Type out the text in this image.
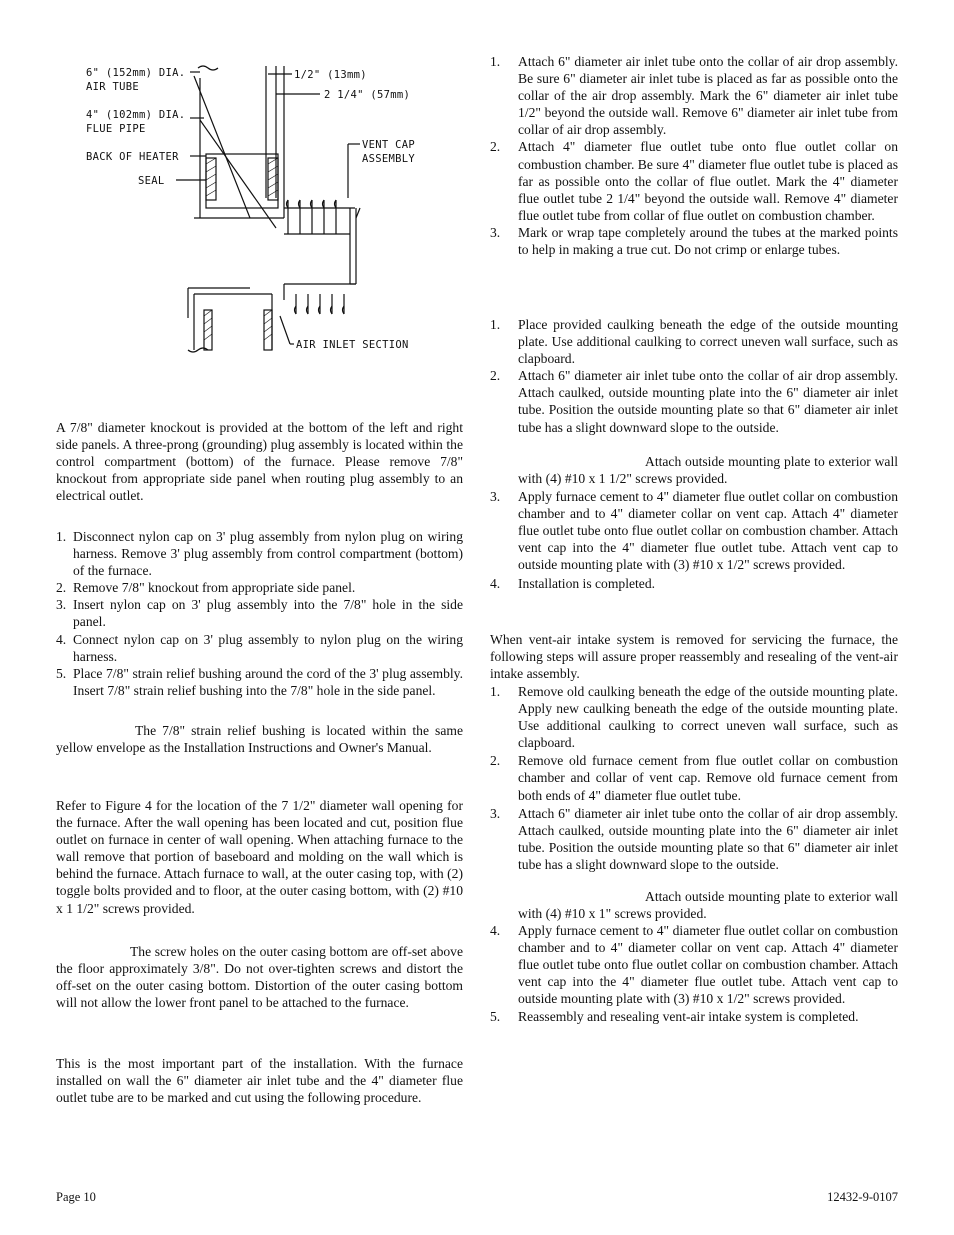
6" (152mm) DIA.
AIR TUBE
4" (102mm) DIA.
FLUE PIPE
BACK OF HEATER
SEAL
1/2" (13mm)
2 1/4" (57mm)
VENT CAP
ASSEMBLY
AIR INLET SECTION

A 7/8" diameter knockout is provided at the bottom of the left and right side panels. A three-prong (grounding) plug assembly is located within the control compartment (bottom) of the furnace. Please remove 7/8" knockout from appropriate side panel when routing plug assembly to an electrical outlet.

1. Disconnect nylon cap on 3' plug assembly from nylon plug on wiring harness. Remove 3' plug assembly from control compartment (bottom) of the furnace.
2. Remove 7/8" knockout from appropriate side panel.
3. Insert nylon cap on 3' plug assembly into the 7/8" hole in the side panel.
4. Connect nylon cap on 3' plug assembly to nylon plug on the wiring harness.
5. Place 7/8" strain relief bushing around the cord of the 3' plug assembly. Insert 7/8" strain relief bushing into the 7/8" hole in the side panel.

The 7/8" strain relief bushing is located within the same yellow envelope as the Installation Instructions and Owner's Manual.

Refer to Figure 4 for the location of the 7 1/2" diameter wall opening for the furnace. After the wall opening has been located and cut, position flue outlet on furnace in center of wall opening. When attaching furnace to the wall remove that portion of baseboard and molding on the wall which is behind the furnace. Attach furnace to wall, at the outer casing top, with (2) toggle bolts provided and to floor, at the outer casing bottom, with (2) #10 x 1 1/2" screws provided.

The screw holes on the outer casing bottom are off-set above the floor approximately 3/8". Do not over-tighten screws and distort the off-set on the outer casing bottom. Distortion of the outer casing bottom will not allow the lower front panel to be attached to the furnace.

This is the most important part of the installation. With the furnace installed on wall the 6" diameter air inlet tube and the 4" diameter flue outlet tube are to be marked and cut using the following procedure.

1. Attach 6" diameter air inlet tube onto the collar of air drop assembly. Be sure 6" diameter air inlet tube is placed as far as possible onto the collar of the air drop assembly. Mark the 6" diameter air inlet tube 1/2" beyond the outside wall. Remove 6" diameter air inlet tube from collar of air drop assembly.
2. Attach 4" diameter flue outlet tube onto flue outlet collar on combustion chamber. Be sure 4" diameter flue outlet tube is placed as far as possible onto the collar of flue outlet. Mark the 4" diameter flue outlet tube 2 1/4" beyond the outside wall. Remove 4" diameter flue outlet tube from collar of flue outlet on combustion chamber.
3. Mark or wrap tape completely around the tubes at the marked points to help in making a true cut. Do not crimp or enlarge tubes.
1. Place provided caulking beneath the edge of the outside mounting plate. Use additional caulking to correct uneven wall surface, such as clapboard.
2. Attach 6" diameter air inlet tube onto the collar of air drop assembly. Attach caulked, outside mounting plate into the 6" diameter air inlet tube. Position the outside mounting plate so that 6" diameter air inlet tube has a slight downward slope to the outside.

Attach outside mounting plate to exterior wall with (4) #10 x 1 1/2" screws provided.

3. Apply furnace cement to 4" diameter flue outlet collar on combustion chamber and to 4" diameter collar on vent cap. Attach 4" diameter flue outlet tube onto flue outlet collar on combustion chamber. Attach vent cap into the 4" diameter flue outlet tube. Attach vent cap to outside mounting plate with (3) #10 x 1/2" screws provided.
4. Installation is completed.

When vent-air intake system is removed for servicing the furnace, the following steps will assure proper reassembly and resealing of the vent-air intake assembly.

1. Remove old caulking beneath the edge of the outside mounting plate. Apply new caulking beneath the edge of the outside mounting plate. Use additional caulking to correct uneven wall surface, such as clapboard.
2. Remove old furnace cement from flue outlet collar on combustion chamber and collar of vent cap. Remove old furnace cement from both ends of 4" diameter flue outlet tube.
3. Attach 6" diameter air inlet tube onto the collar of air drop assembly. Attach caulked, outside mounting plate into the 6" diameter air inlet tube. Position the outside mounting plate so that 6" diameter air inlet tube has a slight downward slope to the outside.

Attach outside mounting plate to exterior wall with (4) #10 x 1" screws provided.

4. Apply furnace cement to 4" diameter flue outlet collar on combustion chamber and to 4" diameter collar on vent cap. Attach 4" diameter flue outlet tube onto flue outlet collar on combustion chamber. Attach vent cap into the 4" diameter flue outlet tube. Attach vent cap to outside mounting plate with (3) #10 x 1/2" screws provided.
5. Reassembly and resealing vent-air intake system is completed.
Page 10	12432-9-0107
